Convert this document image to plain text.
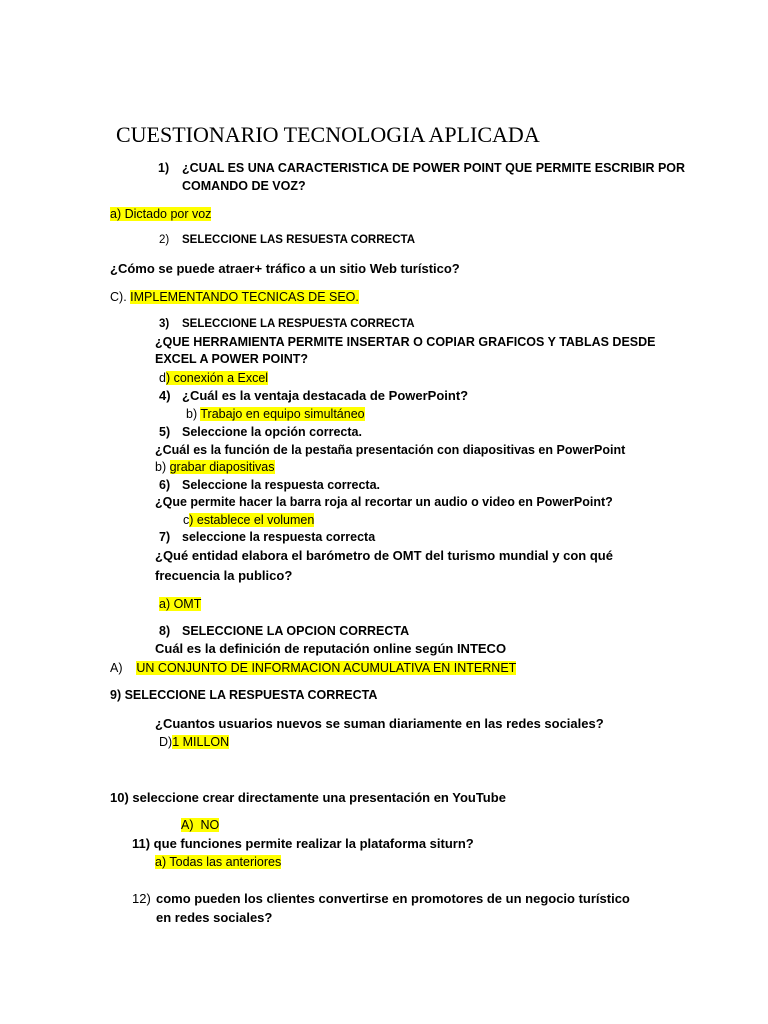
CUESTIONARIO TECNOLOGIA APLICADA
1) ¿CUAL ES UNA CARACTERISTICA DE POWER POINT QUE PERMITE ESCRIBIR POR
COMANDO DE VOZ?
a) Dictado por voz
2) SELECCIONE LAS RESUESTA CORRECTA
¿Cómo se puede atraer+ tráfico a un sitio Web turístico?
C). IMPLEMENTANDO TECNICAS DE SEO.
3) SELECCIONE LA RESPUESTA CORRECTA
¿QUE HERRAMIENTA PERMITE INSERTAR O COPIAR GRAFICOS Y TABLAS DESDE
EXCEL A POWER POINT?
d) conexión a Excel
4) ¿Cuál es la ventaja destacada de PowerPoint?
b) Trabajo en equipo simultáneo
5) Seleccione la opción correcta.
¿Cuál es la función de la pestaña presentación con diapositivas en PowerPoint
b) grabar diapositivas
6) Seleccione la respuesta correcta.
¿Que permite hacer la barra roja al recortar un audio o video en PowerPoint?
c) establece el volumen
7) seleccione la respuesta correcta
¿Qué entidad elabora el barómetro de OMT del turismo mundial y con qué
frecuencia la publico?
a) OMT
8) SELECCIONE LA OPCION CORRECTA
Cuál es la definición de reputación online según INTECO
A)    UN CONJUNTO DE INFORMACION ACUMULATIVA EN INTERNET
9) SELECCIONE LA RESPUESTA CORRECTA
¿Cuantos usuarios nuevos se suman diariamente en las redes sociales?
D)1 MILLON
10) seleccione crear directamente una presentación en YouTube
A)  NO
11) que funciones permite realizar la plataforma siturn?
a) Todas las anteriores
12) como pueden los clientes convertirse en promotores de un negocio turístico
en redes sociales?
